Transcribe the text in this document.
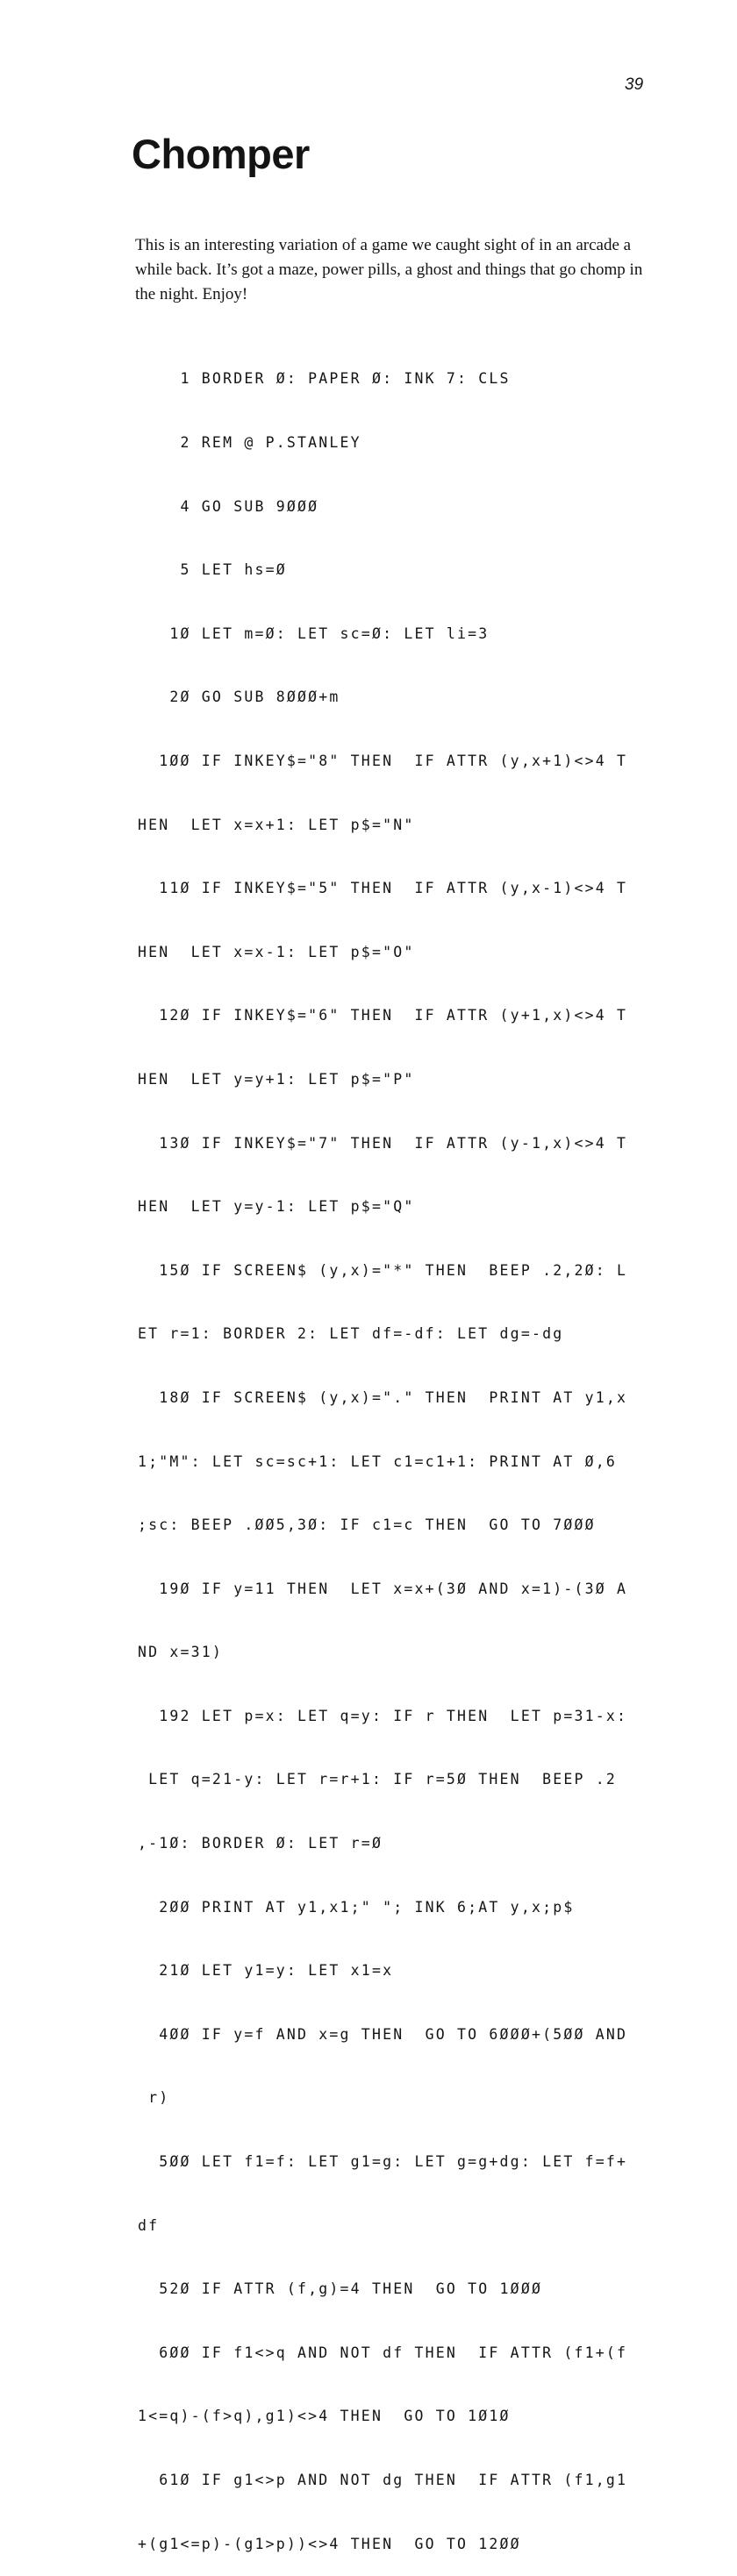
39
Chomper

This is an interesting variation of a game we caught sight of in an arcade a while back. It’s got a maze, power pills, a ghost and things that go chomp in the night. Enjoy!

1 BORDER Ø: PAPER Ø: INK 7: CLS

2 REM @ P.STANLEY

4 GO SUB 9ØØØ

5 LET hs=Ø

1Ø LET m=Ø: LET sc=Ø: LET li=3

2Ø GO SUB 8ØØØ+m

1ØØ IF INKEY$="8" THEN  IF ATTR (y,x+1)<>4 T

HEN  LET x=x+1: LET p$="N"

11Ø IF INKEY$="5" THEN  IF ATTR (y,x-1)<>4 T

HEN  LET x=x-1: LET p$="O"

12Ø IF INKEY$="6" THEN  IF ATTR (y+1,x)<>4 T

HEN  LET y=y+1: LET p$="P"

13Ø IF INKEY$="7" THEN  IF ATTR (y-1,x)<>4 T

HEN  LET y=y-1: LET p$="Q"

15Ø IF SCREEN$ (y,x)="*" THEN  BEEP .2,2Ø: L

ET r=1: BORDER 2: LET df=-df: LET dg=-dg

18Ø IF SCREEN$ (y,x)="." THEN  PRINT AT y1,x

1;"M": LET sc=sc+1: LET c1=c1+1: PRINT AT Ø,6

;sc: BEEP .ØØ5,3Ø: IF c1=c THEN  GO TO 7ØØØ

19Ø IF y=11 THEN  LET x=x+(3Ø AND x=1)-(3Ø A

ND x=31)

192 LET p=x: LET q=y: IF r THEN  LET p=31-x:

LET q=21-y: LET r=r+1: IF r=5Ø THEN  BEEP .2

,-1Ø: BORDER Ø: LET r=Ø

2ØØ PRINT AT y1,x1;" "; INK 6;AT y,x;p$

21Ø LET y1=y: LET x1=x

4ØØ IF y=f AND x=g THEN  GO TO 6ØØØ+(5ØØ AND

r)

5ØØ LET f1=f: LET g1=g: LET g=g+dg: LET f=f+

df

52Ø IF ATTR (f,g)=4 THEN  GO TO 1ØØØ

6ØØ IF f1<>q AND NOT df THEN  IF ATTR (f1+(f

1<=q)-(f>q),g1)<>4 THEN  GO TO 1Ø1Ø

61Ø IF g1<>p AND NOT dg THEN  IF ATTR (f1,g1

+(g1<=p)-(g1>p))<>4 THEN  GO TO 12ØØ
